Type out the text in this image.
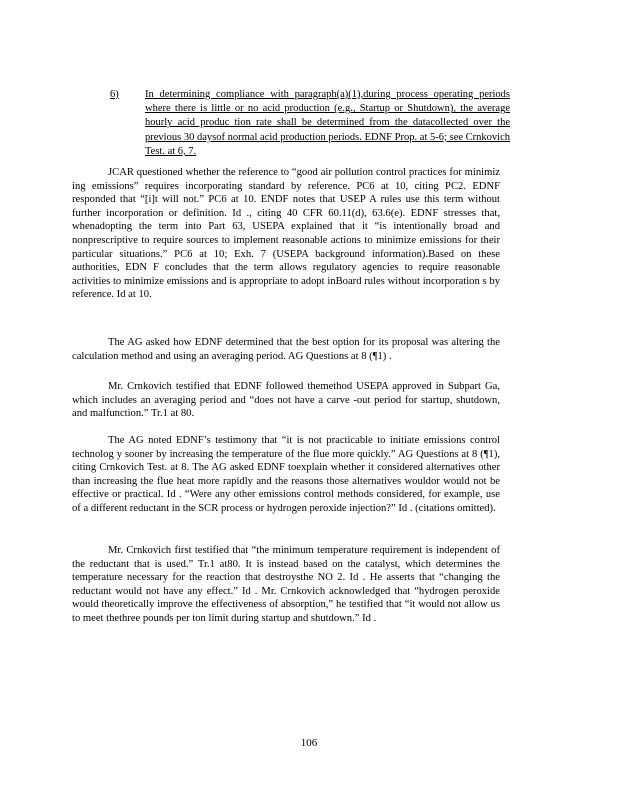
6)	In determining compliance with paragraph(a)(1),during process operating periods where there is little or no acid production (e.g., Startup or Shutdown), the average hourly acid produc tion rate shall be determined from the datacollected over the previous 30 daysof normal acid production periods. EDNF Prop. at 5-6; see Crnkovich Test. at 6, 7.

JCAR questioned whether the reference to “good air pollution control practices for minimiz ing emissions” requires incorporating standard by reference. PC6 at 10, citing PC2. EDNF responded that “[i]t will not.” PC6 at 10. ENDF notes that USEP A rules use this term without further incorporation or definition. Id ., citing 40 CFR 60.11(d), 63.6(e). EDNF stresses that, whenadopting the term into Part 63, USEPA explained that it “is intentionally broad and nonprescriptive to require sources to implement reasonable actions to minimize emissions for their particular situations.” PC6 at 10; Exh. 7 (USEPA background information).Based on these authorities, EDN F concludes that the term allows regulatory agencies to require reasonable activities to minimize emissions and is appropriate to adopt inBoard rules without incorporation s by reference. Id at 10.

The AG asked how EDNF determined that the best option for its proposal was altering the calculation method and using an averaging period. AG Questions at 8 (¶1) .

Mr. Crnkovich testified that EDNF followed themethod USEPA approved in Subpart Ga, which includes an averaging period and “does not have a carve -out period for startup, shutdown, and malfunction.” Tr.1 at 80.

The AG noted EDNF’s testimony that “it is not practicable to initiate emissions control technolog y sooner by increasing the temperature of the flue more quickly.” AG Questions at 8 (¶1), citing Crnkovich Test. at 8. The AG asked EDNF toexplain whether it considered alternatives other than increasing the flue heat more rapidly and the reasons those alternatives wouldor would not be effective or practical. Id . “Were any other emissions control methods considered, for example, use of a different reductant in the SCR process or hydrogen peroxide injection?” Id . (citations omitted).

Mr. Crnkovich first testified that “the minimum temperature requirement is independent of the reductant that is used.” Tr.1 at80. It is instead based on the catalyst, which determines the temperature necessary for the reaction that destroysthe NO 2. Id . He asserts that “changing the reductant would not have any effect.” Id . Mr. Crnkovich acknowledged that “hydrogen peroxide would theoretically improve the effectiveness of absorption,” he testified that “it would not allow us to meet thethree pounds per ton limit during startup and shutdown.” Id .

106
